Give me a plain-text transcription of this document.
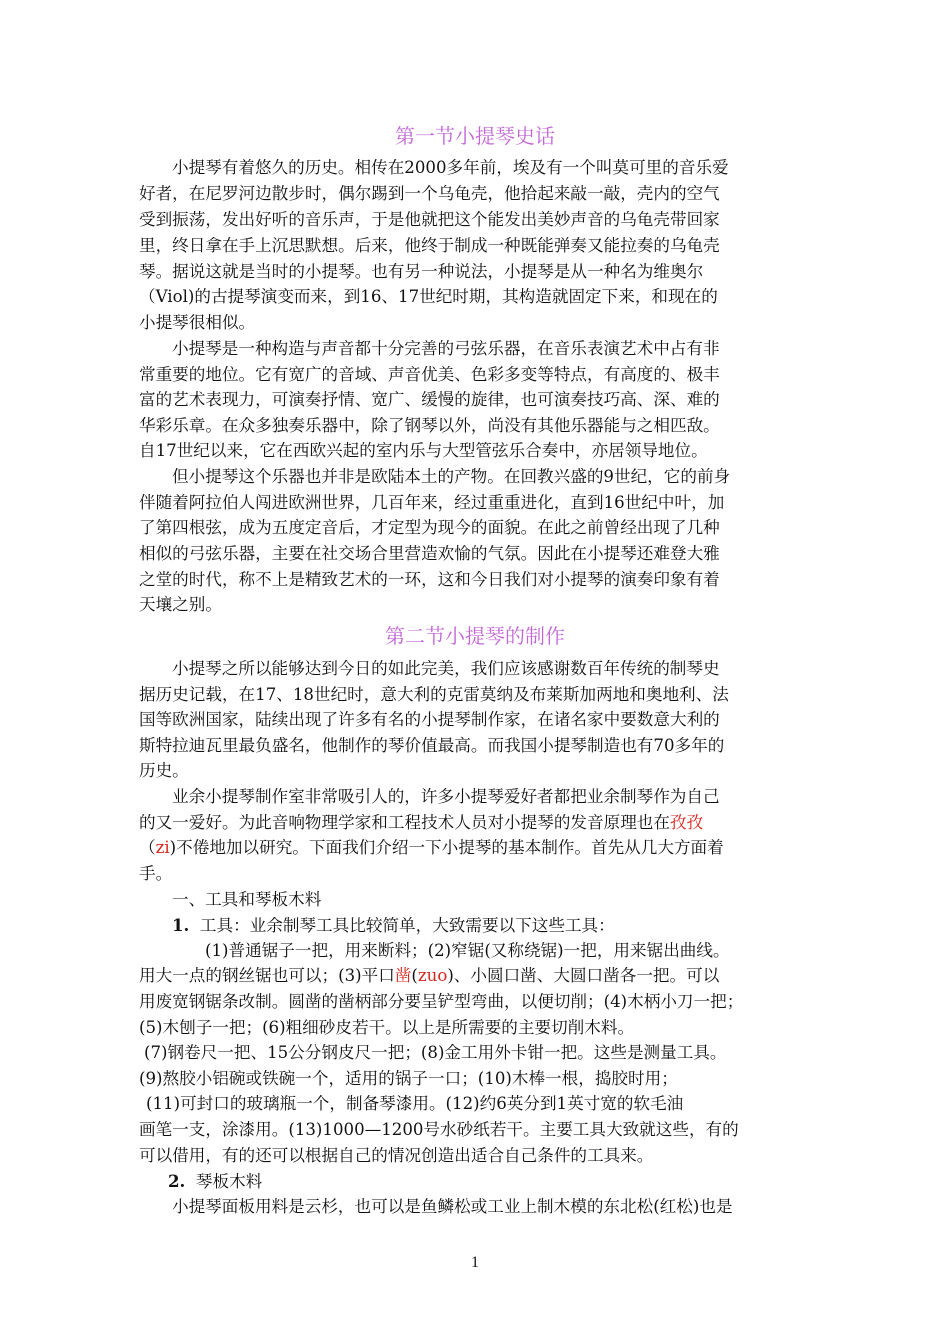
第一节小提琴史话
小提琴有着悠久的历史。相传在2000多年前，埃及有一个叫莫可里的音乐爱
好者，在尼罗河边散步时，偶尔踢到一个乌龟壳，他拾起来敲一敲，壳内的空气
受到振荡，发出好听的音乐声，于是他就把这个能发出美妙声音的乌龟壳带回家
里，终日拿在手上沉思默想。后来，他终于制成一种既能弹奏又能拉奏的乌龟壳
琴。据说这就是当时的小提琴。也有另一种说法，小提琴是从一种名为维奥尔
（Viol)的古提琴演变而来，到16、17世纪时期，其构造就固定下来，和现在的
小提琴很相似。
小提琴是一种构造与声音都十分完善的弓弦乐器，在音乐表演艺术中占有非
常重要的地位。它有宽广的音域、声音优美、色彩多变等特点，有高度的、极丰
富的艺术表现力，可演奏抒情、宽广、缓慢的旋律，也可演奏技巧高、深、难的
华彩乐章。在众多独奏乐器中，除了钢琴以外，尚没有其他乐器能与之相匹敌。
自17世纪以来，它在西欧兴起的室内乐与大型管弦乐合奏中，亦居领导地位。
但小提琴这个乐器也并非是欧陆本土的产物。在回教兴盛的9世纪，它的前身
伴随着阿拉伯人闯进欧洲世界，几百年来，经过重重进化，直到16世纪中叶，加
了第四根弦，成为五度定音后，才定型为现今的面貌。在此之前曾经出现了几种
相似的弓弦乐器，主要在社交场合里营造欢愉的气氛。因此在小提琴还难登大雅
之堂的时代，称不上是精致艺术的一环，这和今日我们对小提琴的演奏印象有着
天壤之别。
第二节小提琴的制作
小提琴之所以能够达到今日的如此完美，我们应该感谢数百年传统的制琴史
据历史记载，在17、18世纪时，意大利的克雷莫纳及布莱斯加两地和奥地利、法
国等欧洲国家，陆续出现了许多有名的小提琴制作家，在诸名家中要数意大利的
斯特拉迪瓦里最负盛名，他制作的琴价值最高。而我国小提琴制造也有70多年的
历史。
业余小提琴制作室非常吸引人的，许多小提琴爱好者都把业余制琴作为自己
的又一爱好。为此音响物理学家和工程技术人员对小提琴的发音原理也在孜孜
（zi)不倦地加以研究。下面我们介绍一下小提琴的基本制作。首先从几大方面着
手。
一、工具和琴板木料
1. 工具：业余制琴工具比较简单，大致需要以下这些工具：
(1)普通锯子一把，用来断料；(2)窄锯(又称绕锯)一把，用来锯出曲线。
用大一点的钢丝锯也可以；(3)平口凿(zuo)、小圆口凿、大圆口凿各一把。可以
用废宽钢锯条改制。圆凿的凿柄部分要呈铲型弯曲，以便切削；(4)木柄小刀一把；
(5)木刨子一把；(6)粗细砂皮若干。以上是所需要的主要切削木料。
(7)钢卷尺一把、15公分钢皮尺一把；(8)金工用外卡钳一把。这些是测量工具。
(9)熬胶小铝碗或铁碗一个，适用的锅子一口；(10)木棒一根，捣胶时用；
(11)可封口的玻璃瓶一个，制备琴漆用。(12)约6英分到1英寸宽的软毛油
画笔一支，涂漆用。(13)1000—1200号水砂纸若干。主要工具大致就这些，有的
可以借用，有的还可以根据自己的情况创造出适合自己条件的工具来。
2. 琴板木料
小提琴面板用料是云杉，也可以是鱼鳞松或工业上制木模的东北松(红松)也是
1
